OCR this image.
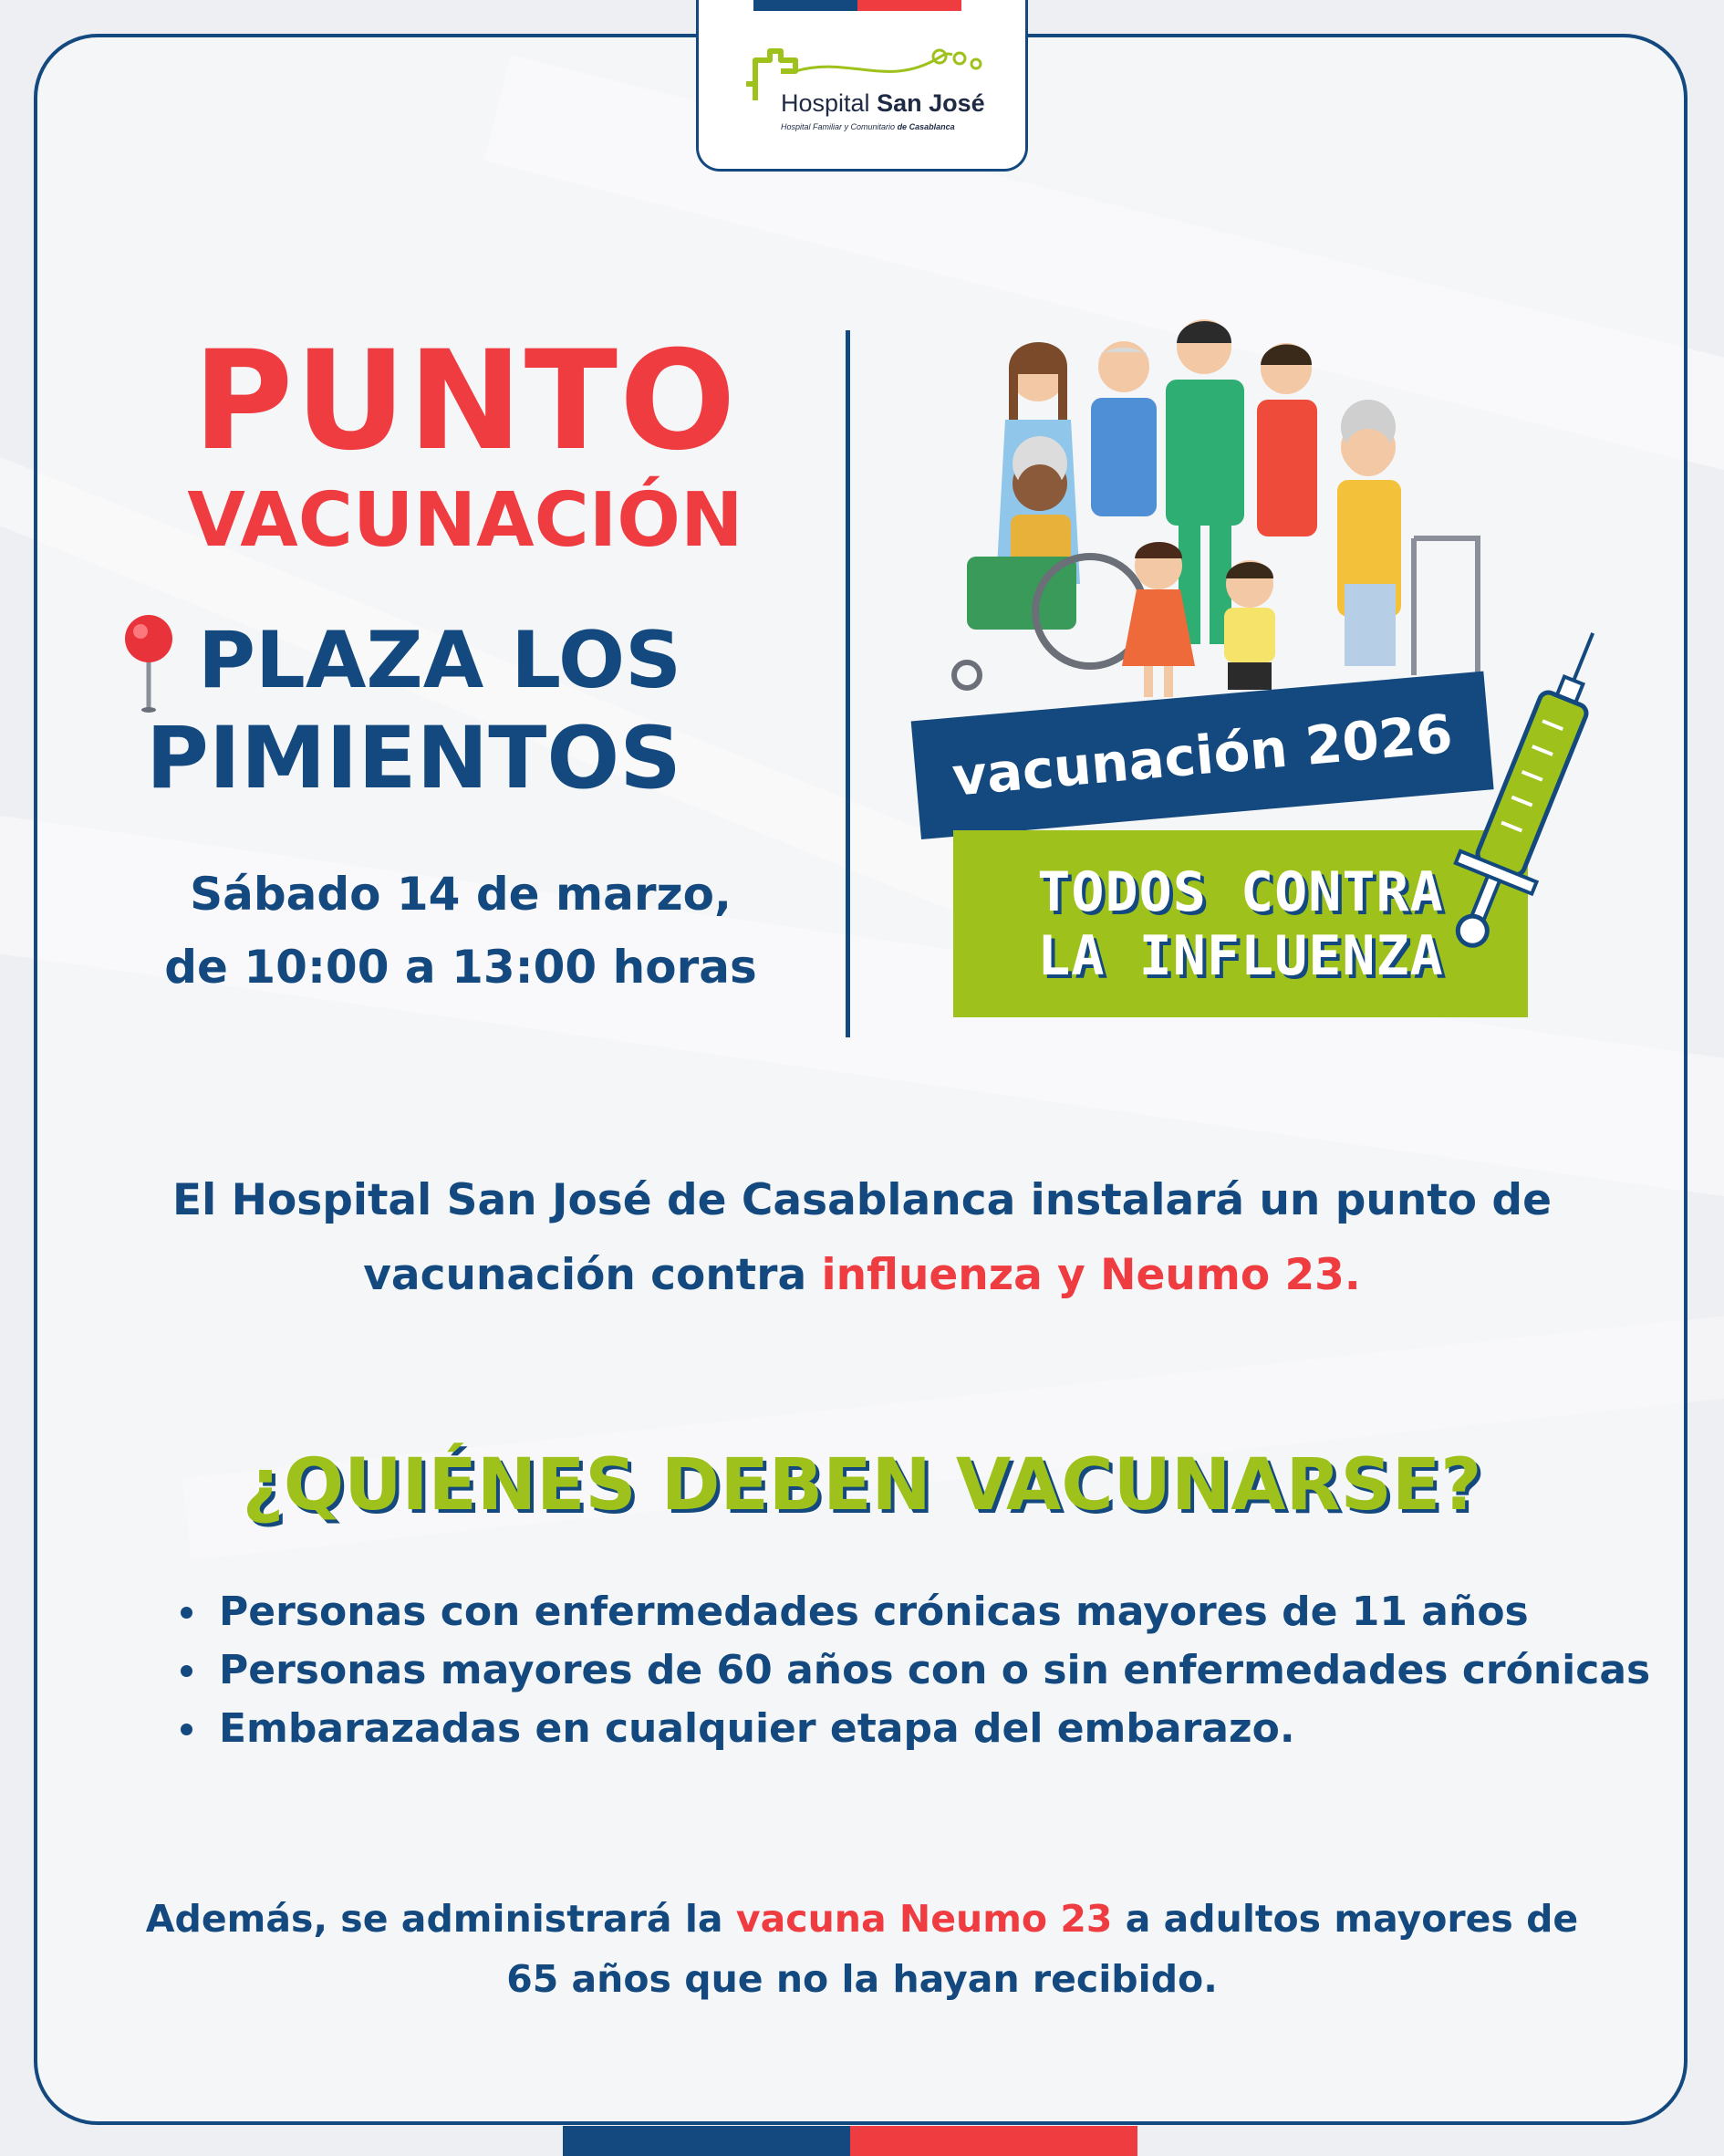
Hospital San José
Hospital Familiar y Comunitario de Casablanca
PUNTO
VACUNACIÓN
PLAZA LOS
PIMIENTOS
Sábado 14 de marzo,
de 10:00 a 13:00 horas
vacunación 2026
TODOS CONTRA
LA INFLUENZA

El Hospital San José de Casablanca instalará un punto de vacunación contra influenza y Neumo 23.

¿QUIÉNES DEBEN VACUNARSE?
Personas con enfermedades crónicas mayores de 11 años
Personas mayores de 60 años con o sin enfermedades crónicas
Embarazadas en cualquier etapa del embarazo.

Además, se administrará la vacuna Neumo 23 a adultos mayores de 65 años que no la hayan recibido.
